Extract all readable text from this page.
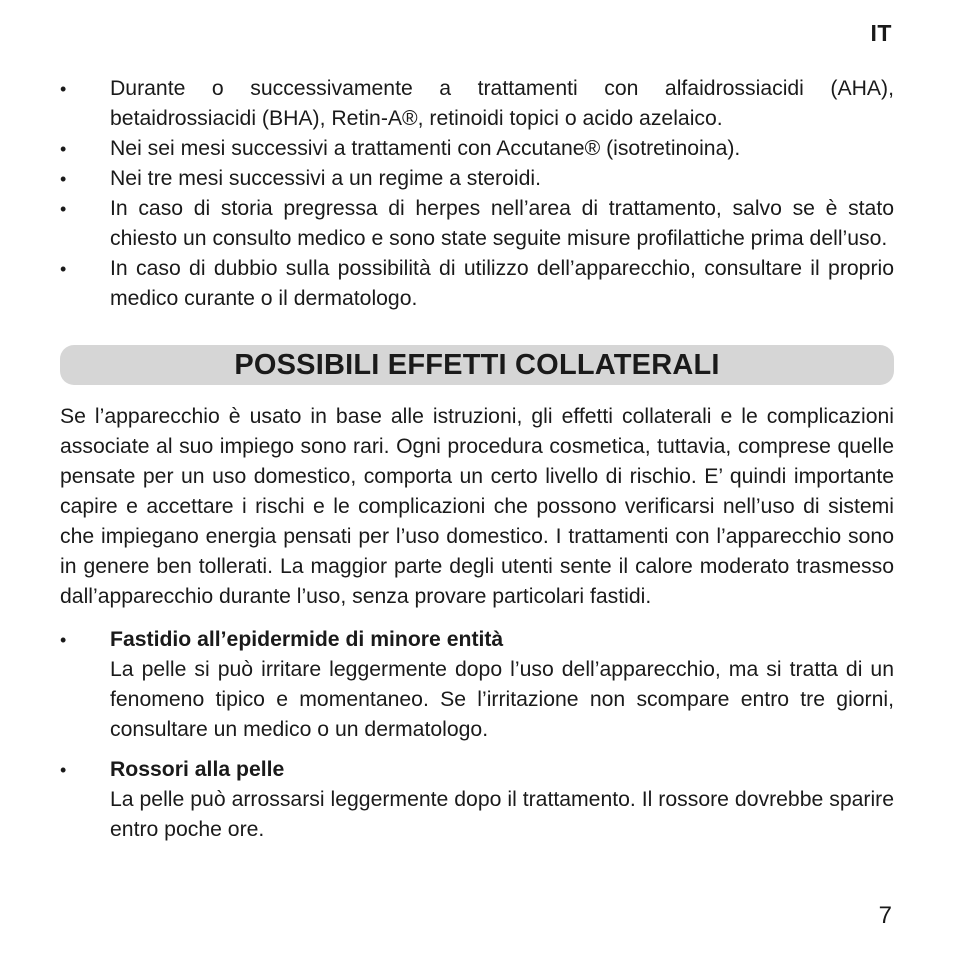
IT
• Durante o successivamente a trattamenti con alfaidrossiacidi (AHA), betaidrossiacidi (BHA), Retin-A®, retinoidi topici o acido azelaico.
• Nei sei mesi successivi a trattamenti con Accutane® (isotretinoina).
• Nei tre mesi successivi a un regime a steroidi.
• In caso di storia pregressa di herpes nell’area di trattamento, salvo se è stato chiesto un consulto medico e sono state seguite misure profilattiche prima dell’uso.
• In caso di dubbio sulla possibilità di utilizzo dell’apparecchio, consultare il proprio medico curante o il dermatologo.
POSSIBILI EFFETTI COLLATERALI

Se l’apparecchio è usato in base alle istruzioni, gli effetti collaterali e le complicazioni associate al suo impiego sono rari. Ogni procedura cosmetica, tuttavia, comprese quelle pensate per un uso domestico, comporta un certo livello di rischio. E’ quindi importante capire e accettare i rischi e le complicazioni che possono verificarsi nell’uso di sistemi che impiegano energia pensati per l’uso domestico. I trattamenti con l’apparecchio sono in genere ben tollerati. La maggior parte degli utenti sente il calore moderato trasmesso dall’apparecchio durante l’uso, senza provare particolari fastidi.

• Fastidio all’epidermide di minore entità
La pelle si può irritare leggermente dopo l’uso dell’apparecchio, ma si tratta di un fenomeno tipico e momentaneo. Se l’irritazione non scompare entro tre giorni, consultare un medico o un dermatologo.
• Rossori alla pelle
La pelle può arrossarsi leggermente dopo il trattamento. Il rossore dovrebbe sparire entro poche ore.
7
